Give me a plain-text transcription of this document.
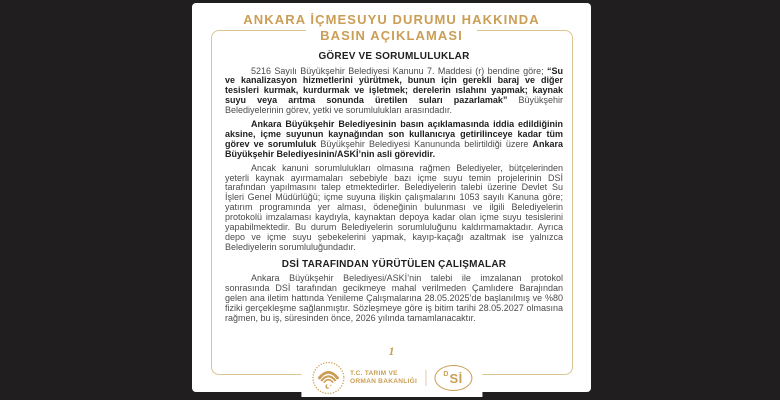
ANKARA İÇMESUYU DURUMU HAKKINDA
BASIN AÇIKLAMASI
GÖREV VE SORUMLULUKLAR

5216 Sayılı Büyükşehir Belediyesi Kanunu 7. Maddesi (r) bendine göre; “Su ve kanalizasyon hizmetlerini yürütmek, bunun için gerekli baraj ve diğer tesisleri kurmak, kurdurmak ve işletmek; derelerin ıslahını yapmak; kaynak suyu veya arıtma sonunda üretilen suları pazarlamak” Büyükşehir Belediyelerinin görev, yetki ve sorumlulukları arasındadır.

Ankara Büyükşehir Belediyesinin basın açıklamasında iddia edildiğinin aksine, içme suyunun kaynağından son kullanıcıya getirilinceye kadar tüm görev ve sorumluluk Büyükşehir Belediyesi Kanununda belirtildiği üzere Ankara Büyükşehir Belediyesinin/ASKİ’nin asli görevidir.

Ancak kanuni sorumlulukları olmasına rağmen Belediyeler, bütçelerinden yeterli kaynak ayırmamaları sebebiyle bazı içme suyu temin projelerinin DSİ tarafından yapılmasını talep etmektedirler. Belediyelerin talebi üzerine Devlet Su İşleri Genel Müdürlüğü; içme suyuna ilişkin çalışmalarını 1053 sayılı Kanuna göre; yatırım programında yer alması, ödeneğinin bulunması ve ilgili Belediyelerin protokolü imzalaması kaydıyla, kaynaktan depoya kadar olan içme suyu tesislerini yapabilmektedir. Bu durum Belediyelerin sorumluluğunu kaldırmamaktadır. Ayrıca depo ve içme suyu şebekelerini yapmak, kayıp-kaçağı azaltmak ise yalnızca Belediyelerin sorumluluğundadır.

DSİ TARAFINDAN YÜRÜTÜLEN ÇALIŞMALAR

Ankara Büyükşehir Belediyesi/ASKİ’nin talebi ile imzalanan protokol sonrasında DSİ tarafından gecikmeye mahal verilmeden Çamlıdere Barajından gelen ana iletim hattında Yenileme Çalışmalarına 28.05.2025’de başlanılmış ve %80 fiziki gerçekleşme sağlanmıştır. Sözleşmeye göre iş bitim tarihi 28.05.2027 olmasına rağmen, bu iş, süresinden önce, 2026 yılında tamamlanacaktır.

1
T.C. TARIM VE
ORMAN BAKANLIĞI
D Sİ
